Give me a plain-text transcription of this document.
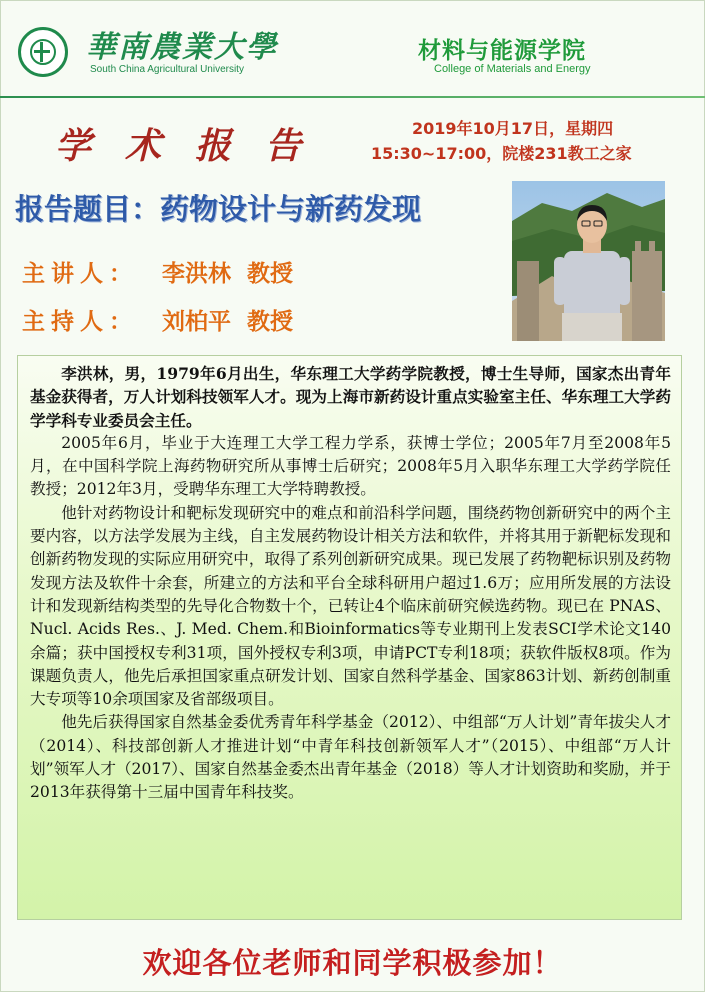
華南農業大學
South China Agricultural University
材料与能源学院
College of Materials and Energy
学术报告	2019年10月17日，星期四
15:30~17:00，院楼231教工之家
报告题目：药物设计与新药发现
主讲人： 李洪林  教授
主持人： 刘柏平  教授

李洪林，男，1979年6月出生，华东理工大学药学院教授，博士生导师，国家杰出青年基金获得者，万人计划科技领军人才。现为上海市新药设计重点实验室主任、华东理工大学药学学科专业委员会主任。

2005年6月，毕业于大连理工大学工程力学系，获博士学位；2005年7月至2008年5月，在中国科学院上海药物研究所从事博士后研究；2008年5月入职华东理工大学药学院任教授；2012年3月，受聘华东理工大学特聘教授。

他针对药物设计和靶标发现研究中的难点和前沿科学问题，围绕药物创新研究中的两个主要内容，以方法学发展为主线，自主发展药物设计相关方法和软件，并将其用于新靶标发现和创新药物发现的实际应用研究中，取得了系列创新研究成果。现已发展了药物靶标识别及药物发现方法及软件十余套，所建立的方法和平台全球科研用户超过1.6万；应用所发展的方法设计和发现新结构类型的先导化合物数十个，已转让4个临床前研究候选药物。现已在 PNAS、Nucl. Acids Res.、J. Med. Chem.和Bioinformatics等专业期刊上发表SCI学术论文140余篇；获中国授权专利31项，国外授权专利3项，申请PCT专利18项；获软件版权8项。作为课题负责人，他先后承担国家重点研发计划、国家自然科学基金、国家863计划、新药创制重大专项等10余项国家及省部级项目。

他先后获得国家自然基金委优秀青年科学基金（2012）、中组部“万人计划”青年拔尖人才（2014）、科技部创新人才推进计划“中青年科技创新领军人才”（2015）、中组部“万人计划”领军人才（2017）、国家自然基金委杰出青年基金（2018）等人才计划资助和奖励，并于2013年获得第十三届中国青年科技奖。

欢迎各位老师和同学积极参加！
